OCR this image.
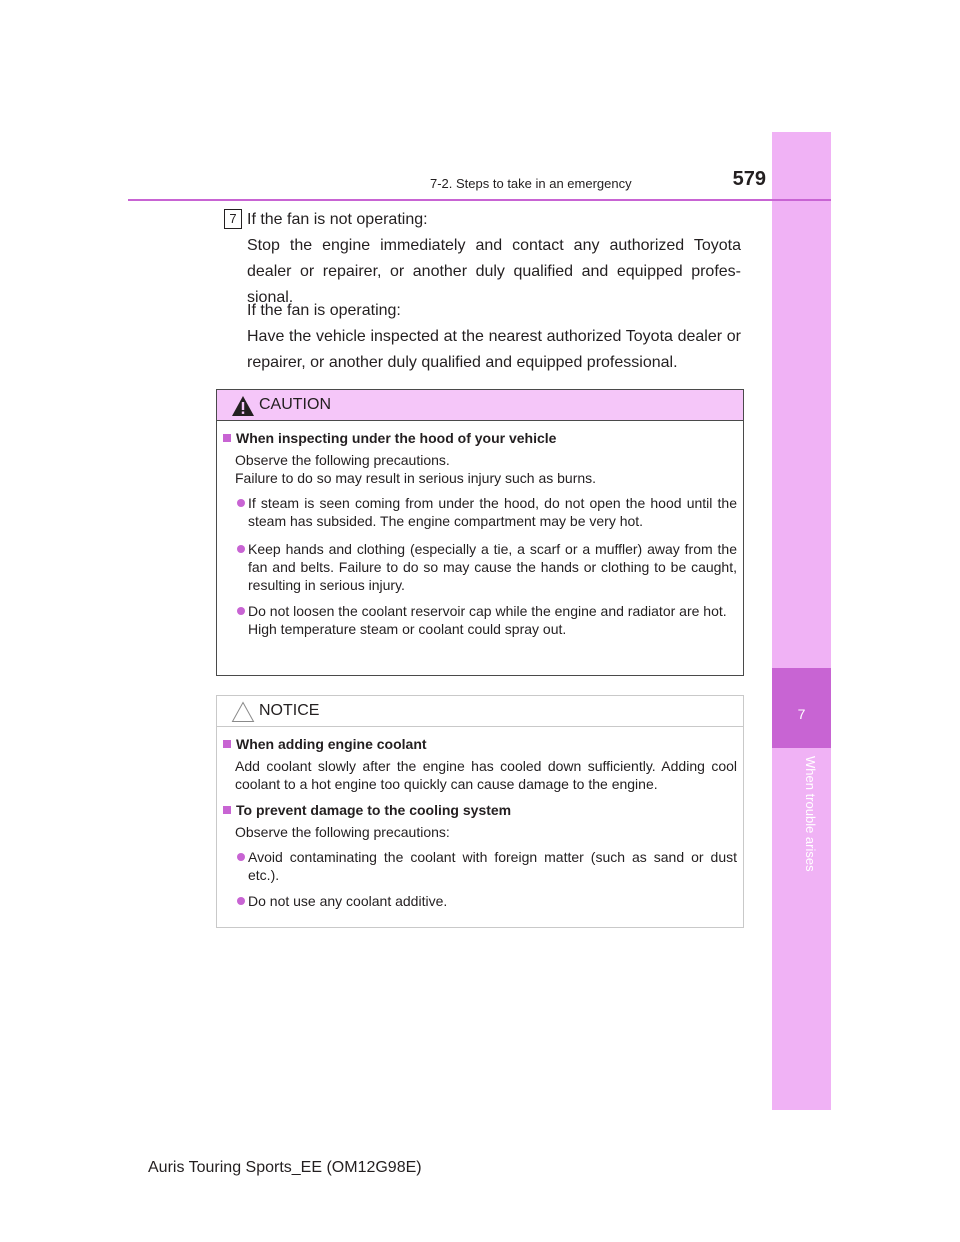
7
When trouble arises
7-2. Steps to take in an emergency	579
7 If the fan is not operating:
Stop the engine immediately and contact any authorized Toyota dealer or repairer, or another duly qualified and equipped profes-sional.
If the fan is operating:
Have the vehicle inspected at the nearest authorized Toyota dealer or repairer, or another duly qualified and equipped professional.
CAUTION
When inspecting under the hood of your vehicle
Observe the following precautions.
Failure to do so may result in serious injury such as burns.
If steam is seen coming from under the hood, do not open the hood until the steam has subsided. The engine compartment may be very hot.
Keep hands and clothing (especially a tie, a scarf or a muffler) away from the fan and belts. Failure to do so may cause the hands or clothing to be caught, resulting in serious injury.
Do not loosen the coolant reservoir cap while the engine and radiator are hot.
High temperature steam or coolant could spray out.
NOTICE
When adding engine coolant
Add coolant slowly after the engine has cooled down sufficiently. Adding cool coolant to a hot engine too quickly can cause damage to the engine.
To prevent damage to the cooling system
Observe the following precautions:
Avoid contaminating the coolant with foreign matter (such as sand or dust etc.).
Do not use any coolant additive.
Auris Touring Sports_EE (OM12G98E)
